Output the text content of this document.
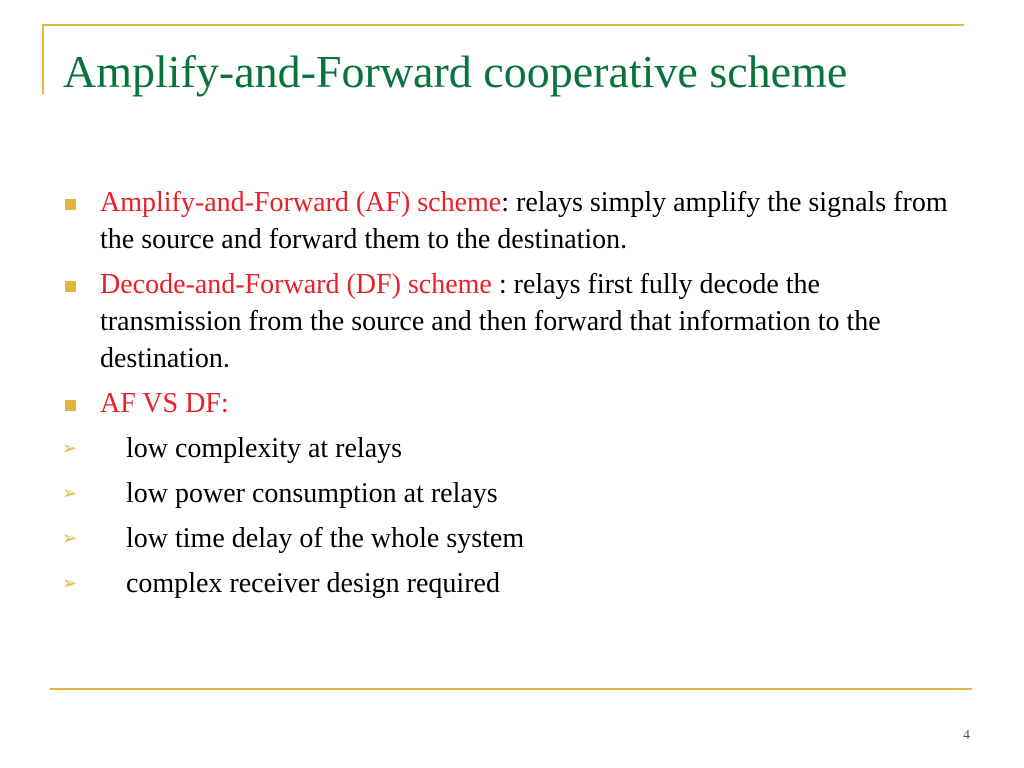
Amplify-and-Forward cooperative scheme
Amplify-and-Forward (AF) scheme: relays simply amplify the signals from the source and forward them to the destination.
Decode-and-Forward (DF) scheme : relays first fully decode the transmission from the source and then forward that information to the destination.
AF VS DF:
➢ low complexity at relays
➢ low power consumption at relays
➢ low time delay of the whole system
➢ complex receiver design required
4
